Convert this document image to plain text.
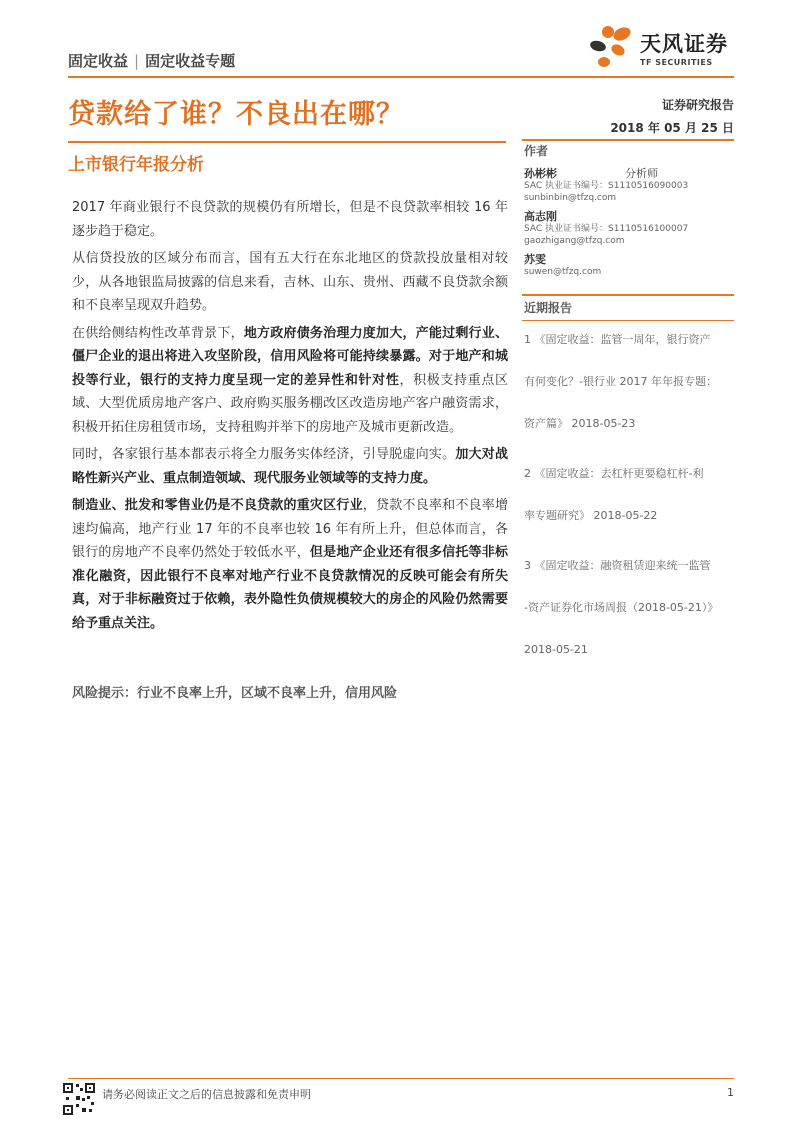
固定收益 | 固定收益专题
天风证券
TF SECURITIES
贷款给了谁？不良出在哪？
上市银行年报分析
证券研究报告
2018 年 05 月 25 日
作者
孙彬彬	分析师
SAC 执业证书编号：S1110516090003
sunbinbin@tfzq.com
高志刚
SAC 执业证书编号：S1110516100007
gaozhigang@tfzq.com
苏雯
suwen@tfzq.com
近期报告

1 《固定收益：监管一周年，银行资产

有何变化？-银行业 2017 年年报专题：

资产篇》 2018-05-23

2 《固定收益：去杠杆更要稳杠杆-利

率专题研究》 2018-05-22

3 《固定收益：融资租赁迎来统一监管

-资产证券化市场周报（2018-05-21）》

2018-05-21

2017 年商业银行不良贷款的规模仍有所增长，但是不良贷款率相较 16 年逐步趋于稳定。

从信贷投放的区域分布而言，国有五大行在东北地区的贷款投放量相对较少，从各地银监局披露的信息来看，吉林、山东、贵州、西藏不良贷款余额和不良率呈现双升趋势。

在供给侧结构性改革背景下，地方政府债务治理力度加大，产能过剩行业、僵尸企业的退出将进入攻坚阶段，信用风险将可能持续暴露。对于地产和城投等行业，银行的支持力度呈现一定的差异性和针对性，积极支持重点区域、大型优质房地产客户、政府购买服务棚改区改造房地产客户融资需求，积极开拓住房租赁市场，支持租购并举下的房地产及城市更新改造。

同时，各家银行基本都表示将全力服务实体经济，引导脱虚向实。加大对战略性新兴产业、重点制造领域、现代服务业领域等的支持力度。

制造业、批发和零售业仍是不良贷款的重灾区行业，贷款不良率和不良率增速均偏高，地产行业 17 年的不良率也较 16 年有所上升，但总体而言，各银行的房地产不良率仍然处于较低水平，但是地产企业还有很多信托等非标准化融资，因此银行不良率对地产行业不良贷款情况的反映可能会有所失真，对于非标融资过于依赖，表外隐性负债规模较大的房企的风险仍然需要给予重点关注。

风险提示：行业不良率上升，区域不良率上升，信用风险
请务必阅读正文之后的信息披露和免责申明	1
